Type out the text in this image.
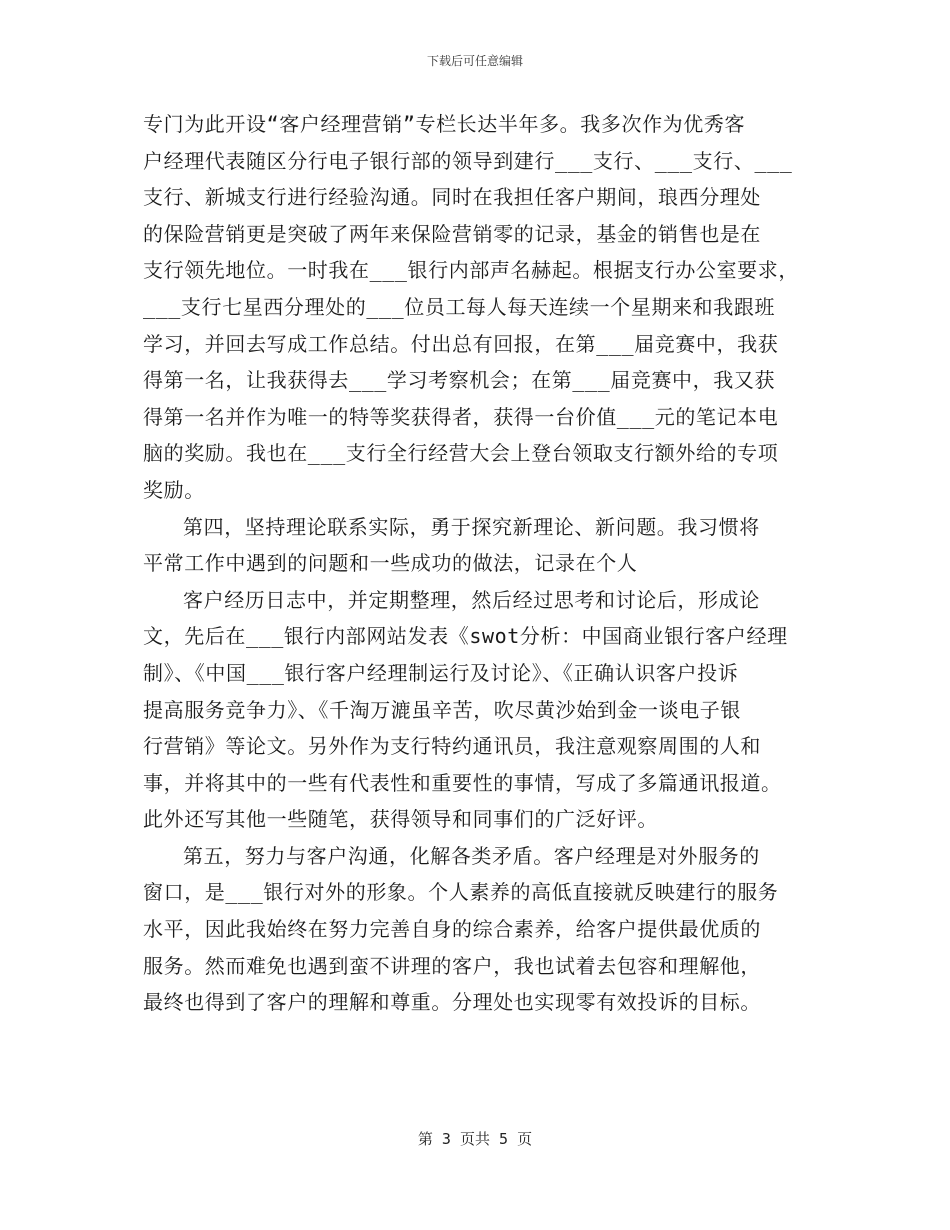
下载后可任意编辑
专门为此开设“客户经理营销”专栏长达半年多。我多次作为优秀客
户经理代表随区分行电子银行部的领导到建行___支行、___支行、___
支行、新城支行进行经验沟通。同时在我担任客户期间，琅西分理处
的保险营销更是突破了两年来保险营销零的记录，基金的销售也是在
支行领先地位。一时我在___银行内部声名赫起。根据支行办公室要求，
___支行七星西分理处的___位员工每人每天连续一个星期来和我跟班
学习，并回去写成工作总结。付出总有回报，在第___届竞赛中，我获
得第一名，让我获得去___学习考察机会；在第___届竞赛中，我又获
得第一名并作为唯一的特等奖获得者，获得一台价值___元的笔记本电
脑的奖励。我也在___支行全行经营大会上登台领取支行额外给的专项
奖励。
第四，坚持理论联系实际，勇于探究新理论、新问题。我习惯将
平常工作中遇到的问题和一些成功的做法，记录在个人
客户经历日志中，并定期整理，然后经过思考和讨论后，形成论
文，先后在___银行内部网站发表《swot分析：中国商业银行客户经理
制》、《中国___银行客户经理制运行及讨论》、《正确认识客户投诉
提高服务竞争力》、《千淘万漉虽辛苦，吹尽黄沙始到金一谈电子银
行营销》等论文。另外作为支行特约通讯员，我注意观察周围的人和
事，并将其中的一些有代表性和重要性的事情，写成了多篇通讯报道。
此外还写其他一些随笔，获得领导和同事们的广泛好评。
第五，努力与客户沟通，化解各类矛盾。客户经理是对外服务的
窗口，是___银行对外的形象。个人素养的高低直接就反映建行的服务
水平，因此我始终在努力完善自身的综合素养，给客户提供最优质的
服务。然而难免也遇到蛮不讲理的客户，我也试着去包容和理解他，
最终也得到了客户的理解和尊重。分理处也实现零有效投诉的目标。
第 3 页共 5 页
